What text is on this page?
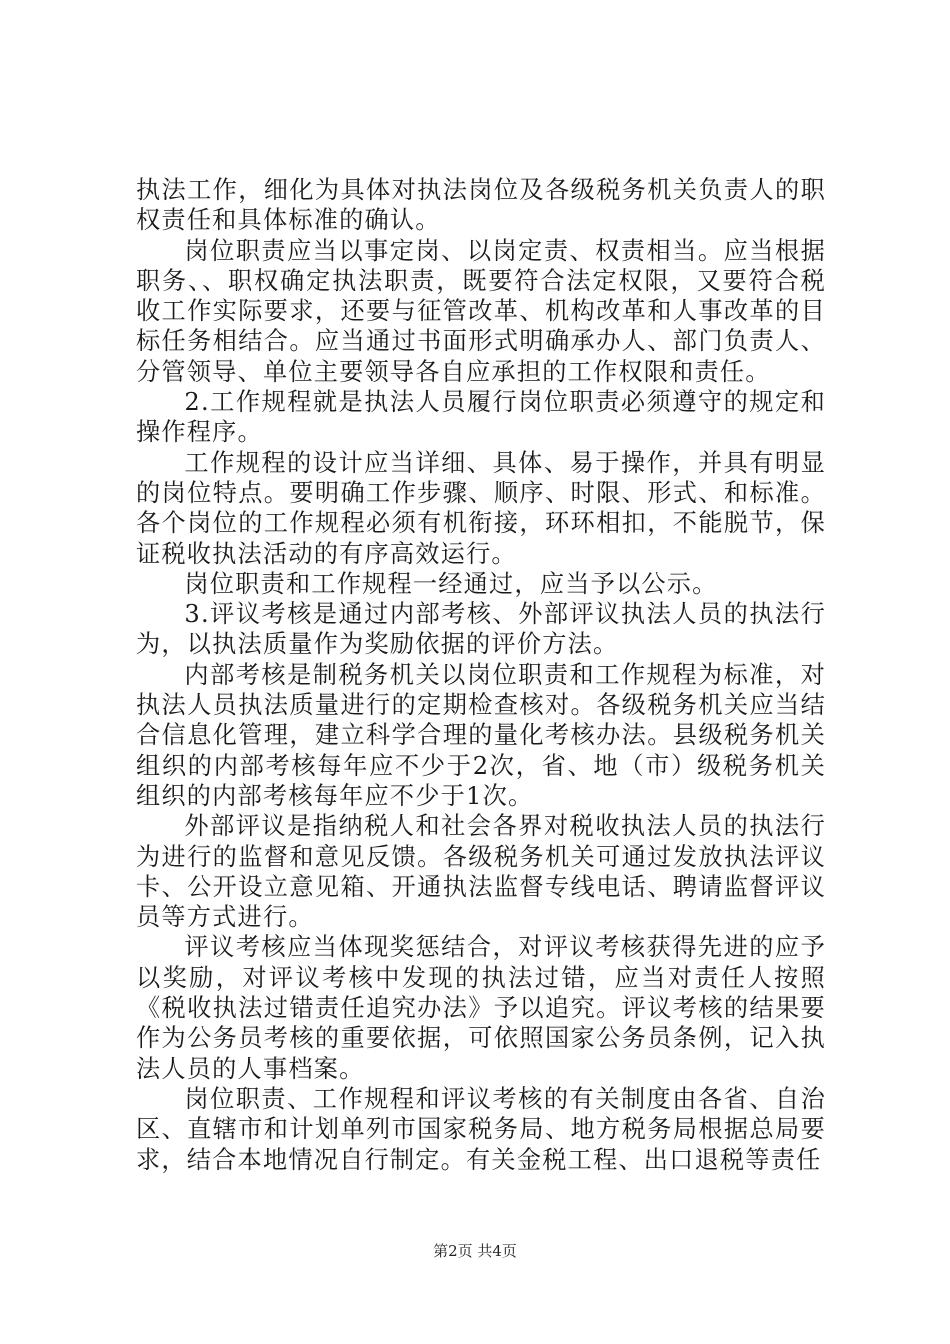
执法工作，细化为具体对执法岗位及各级税务机关负责人的职权责任和具体标准的确认。

岗位职责应当以事定岗、以岗定责、权责相当。应当根据职务、、职权确定执法职责，既要符合法定权限，又要符合税收工作实际要求，还要与征管改革、机构改革和人事改革的目标任务相结合。应当通过书面形式明确承办人、部门负责人、分管领导、单位主要领导各自应承担的工作权限和责任。

2.工作规程就是执法人员履行岗位职责必须遵守的规定和操作程序。

工作规程的设计应当详细、具体、易于操作，并具有明显的岗位特点。要明确工作步骤、顺序、时限、形式、和标准。各个岗位的工作规程必须有机衔接，环环相扣，不能脱节，保证税收执法活动的有序高效运行。

岗位职责和工作规程一经通过，应当予以公示。

3.评议考核是通过内部考核、外部评议执法人员的执法行为，以执法质量作为奖励依据的评价方法。

内部考核是制税务机关以岗位职责和工作规程为标准，对执法人员执法质量进行的定期检查核对。各级税务机关应当结合信息化管理，建立科学合理的量化考核办法。县级税务机关组织的内部考核每年应不少于2次，省、地（市）级税务机关组织的内部考核每年应不少于1次。

外部评议是指纳税人和社会各界对税收执法人员的执法行为进行的监督和意见反馈。各级税务机关可通过发放执法评议卡、公开设立意见箱、开通执法监督专线电话、聘请监督评议员等方式进行。

评议考核应当体现奖惩结合，对评议考核获得先进的应予以奖励，对评议考核中发现的执法过错，应当对责任人按照《税收执法过错责任追究办法》予以追究。评议考核的结果要作为公务员考核的重要依据，可依照国家公务员条例，记入执法人员的人事档案。

岗位职责、工作规程和评议考核的有关制度由各省、自治区、直辖市和计划单列市国家税务局、地方税务局根据总局要求，结合本地情况自行制定。有关金税工程、出口退税等责任

第2页 共4页
